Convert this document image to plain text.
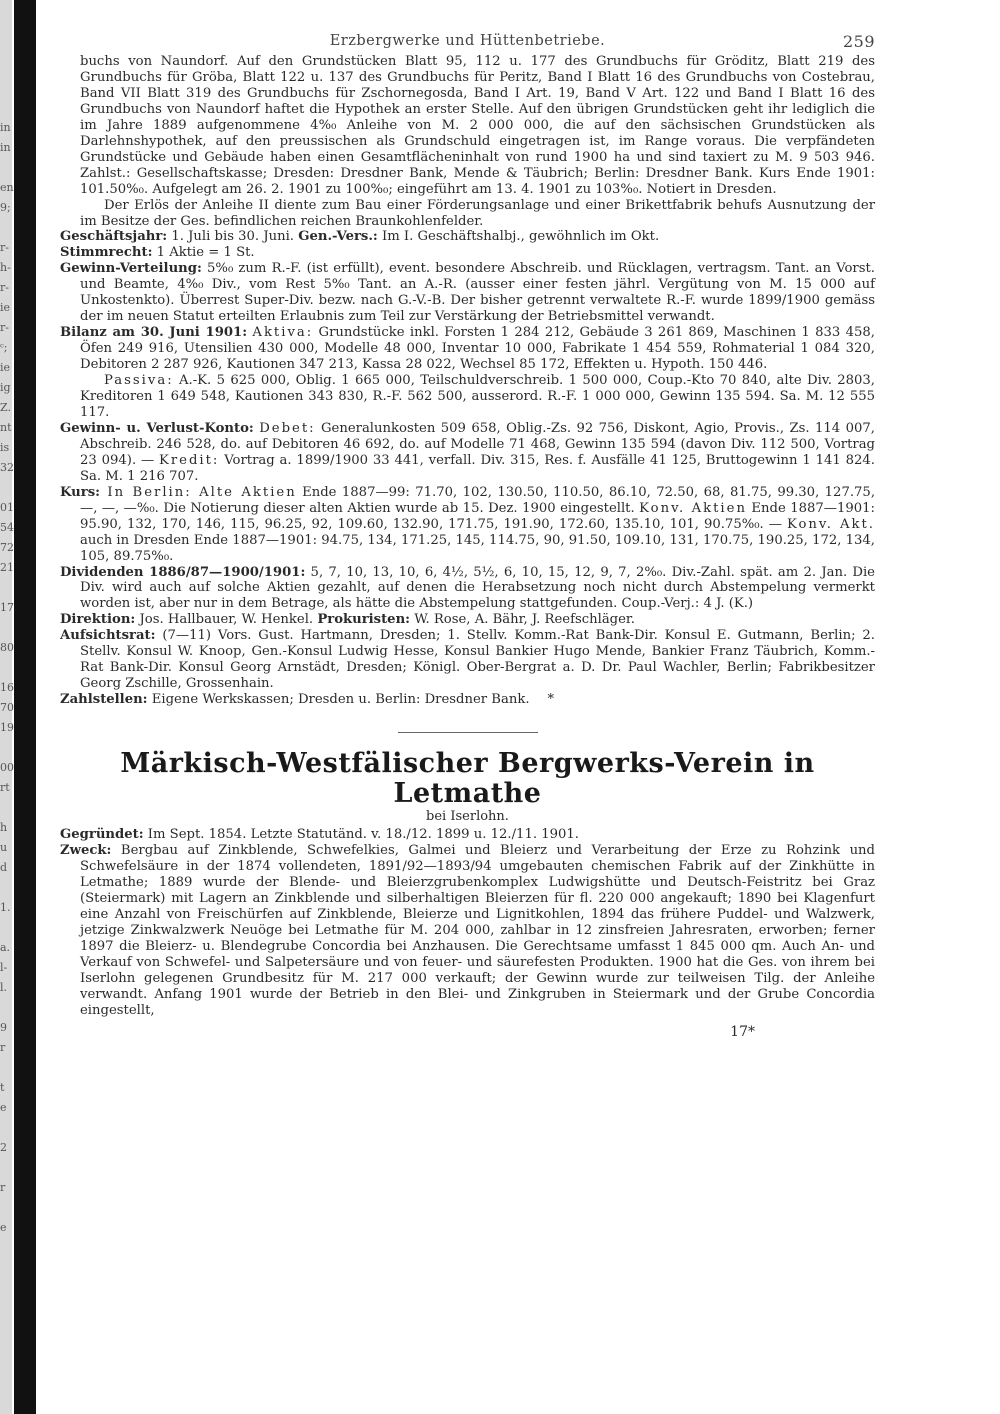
in
in
en
9;
r-
h-
r-
ie
r-
ᶜ;
ie
ig
Z.
nt
is
32
01
54
72
21
17
80
16
70
19
00
rt
h
u
d
1.
a.
l-
l.
9
r
t
e
2
r
e
Erzbergwerke und Hüttenbetriebe.	259

buchs von Naundorf. Auf den Grundstücken Blatt 95, 112 u. 177 des Grundbuchs für Gröditz, Blatt 219 des Grundbuchs für Gröba, Blatt 122 u. 137 des Grundbuchs für Peritz, Band I Blatt 16 des Grundbuchs von Costebrau, Band VII Blatt 319 des Grundbuchs für Zschornegosda, Band I Art. 19, Band V Art. 122 und Band I Blatt 16 des Grundbuchs von Naundorf haftet die Hypothek an erster Stelle. Auf den übrigen Grundstücken geht ihr lediglich die im Jahre 1889 aufgenommene 4%₀ Anleihe von M. 2 000 000, die auf den sächsischen Grundstücken als Darlehnshypothek, auf den preussischen als Grundschuld eingetragen ist, im Range voraus. Die verpfändeten Grundstücke und Gebäude haben einen Gesamtflächeninhalt von rund 1900 ha und sind taxiert zu M. 9 503 946. Zahlst.: Gesellschaftskasse; Dresden: Dresdner Bank, Mende & Täubrich; Berlin: Dresdner Bank. Kurs Ende 1901: 101.50%₀. Aufgelegt am 26. 2. 1901 zu 100%₀; eingeführt am 13. 4. 1901 zu 103%₀. Notiert in Dresden.

Der Erlös der Anleihe II diente zum Bau einer Förderungsanlage und einer Brikettfabrik behufs Ausnutzung der im Besitze der Ges. befindlichen reichen Braunkohlenfelder.

Geschäftsjahr: 1. Juli bis 30. Juni. Gen.-Vers.: Im I. Geschäftshalbj., gewöhnlich im Okt.

Stimmrecht: 1 Aktie = 1 St.

Gewinn-Verteilung: 5%₀ zum R.-F. (ist erfüllt), event. besondere Abschreib. und Rücklagen, vertragsm. Tant. an Vorst. und Beamte, 4%₀ Div., vom Rest 5%₀ Tant. an A.-R. (ausser einer festen jährl. Vergütung von M. 15 000 auf Unkostenkto). Überrest Super-Div. bezw. nach G.-V.-B. Der bisher getrennt verwaltete R.-F. wurde 1899/1900 gemäss der im neuen Statut erteilten Erlaubnis zum Teil zur Verstärkung der Betriebsmittel verwandt.

Bilanz am 30. Juni 1901: Aktiva: Grundstücke inkl. Forsten 1 284 212, Gebäude 3 261 869, Maschinen 1 833 458, Öfen 249 916, Utensilien 430 000, Modelle 48 000, Inventar 10 000, Fabrikate 1 454 559, Rohmaterial 1 084 320, Debitoren 2 287 926, Kautionen 347 213, Kassa 28 022, Wechsel 85 172, Effekten u. Hypoth. 150 446.

Passiva: A.-K. 5 625 000, Oblig. 1 665 000, Teilschuldverschreib. 1 500 000, Coup.-Kto 70 840, alte Div. 2803, Kreditoren 1 649 548, Kautionen 343 830, R.-F. 562 500, ausserord. R.-F. 1 000 000, Gewinn 135 594. Sa. M. 12 555 117.

Gewinn- u. Verlust-Konto: Debet: Generalunkosten 509 658, Oblig.-Zs. 92 756, Diskont, Agio, Provis., Zs. 114 007, Abschreib. 246 528, do. auf Debitoren 46 692, do. auf Modelle 71 468, Gewinn 135 594 (davon Div. 112 500, Vortrag 23 094). — Kredit: Vortrag a. 1899/1900 33 441, verfall. Div. 315, Res. f. Ausfälle 41 125, Bruttogewinn 1 141 824. Sa. M. 1 216 707.

Kurs: In Berlin: Alte Aktien Ende 1887—99: 71.70, 102, 130.50, 110.50, 86.10, 72.50, 68, 81.75, 99.30, 127.75, —, —, —%₀. Die Notierung dieser alten Aktien wurde ab 15. Dez. 1900 eingestellt. Konv. Aktien Ende 1887—1901: 95.90, 132, 170, 146, 115, 96.25, 92, 109.60, 132.90, 171.75, 191.90, 172.60, 135.10, 101, 90.75%₀. — Konv. Akt. auch in Dresden Ende 1887—1901: 94.75, 134, 171.25, 145, 114.75, 90, 91.50, 109.10, 131, 170.75, 190.25, 172, 134, 105, 89.75%₀.

Dividenden 1886/87—1900/1901: 5, 7, 10, 13, 10, 6, 4½, 5½, 6, 10, 15, 12, 9, 7, 2%₀. Div.-Zahl. spät. am 2. Jan. Die Div. wird auch auf solche Aktien gezahlt, auf denen die Herabsetzung noch nicht durch Abstempelung vermerkt worden ist, aber nur in dem Betrage, als hätte die Abstempelung stattgefunden. Coup.-Verj.: 4 J. (K.)

Direktion: Jos. Hallbauer, W. Henkel. Prokuristen: W. Rose, A. Bähr, J. Reefschläger.

Aufsichtsrat: (7—11) Vors. Gust. Hartmann, Dresden; 1. Stellv. Komm.-Rat Bank-Dir. Konsul E. Gutmann, Berlin; 2. Stellv. Konsul W. Knoop, Gen.-Konsul Ludwig Hesse, Konsul Bankier Hugo Mende, Bankier Franz Täubrich, Komm.-Rat Bank-Dir. Konsul Georg Arnstädt, Dresden; Königl. Ober-Bergrat a. D. Dr. Paul Wachler, Berlin; Fabrikbesitzer Georg Zschille, Grossenhain.

Zahlstellen: Eigene Werkskassen; Dresden u. Berlin: Dresdner Bank. *

Märkisch-Westfälischer Bergwerks-Verein in Letmathe
bei Iserlohn.

Gegründet: Im Sept. 1854. Letzte Statutänd. v. 18./12. 1899 u. 12./11. 1901.

Zweck: Bergbau auf Zinkblende, Schwefelkies, Galmei und Bleierz und Verarbeitung der Erze zu Rohzink und Schwefelsäure in der 1874 vollendeten, 1891/92—1893/94 umgebauten chemischen Fabrik auf der Zinkhütte in Letmathe; 1889 wurde der Blende- und Bleierzgrubenkomplex Ludwigshütte und Deutsch-Feistritz bei Graz (Steiermark) mit Lagern an Zinkblende und silberhaltigen Bleierzen für fl. 220 000 angekauft; 1890 bei Klagenfurt eine Anzahl von Freischürfen auf Zinkblende, Bleierze und Lignitkohlen, 1894 das frühere Puddel- und Walzwerk, jetzige Zinkwalzwerk Neuöge bei Letmathe für M. 204 000, zahlbar in 12 zinsfreien Jahresraten, erworben; ferner 1897 die Bleierz- u. Blendegrube Concordia bei Anzhausen. Die Gerechtsame umfasst 1 845 000 qm. Auch An- und Verkauf von Schwefel- und Salpetersäure und von feuer- und säurefesten Produkten. 1900 hat die Ges. von ihrem bei Iserlohn gelegenen Grundbesitz für M. 217 000 verkauft; der Gewinn wurde zur teilweisen Tilg. der Anleihe verwandt. Anfang 1901 wurde der Betrieb in den Blei- und Zinkgruben in Steiermark und der Grube Concordia eingestellt,

17*
